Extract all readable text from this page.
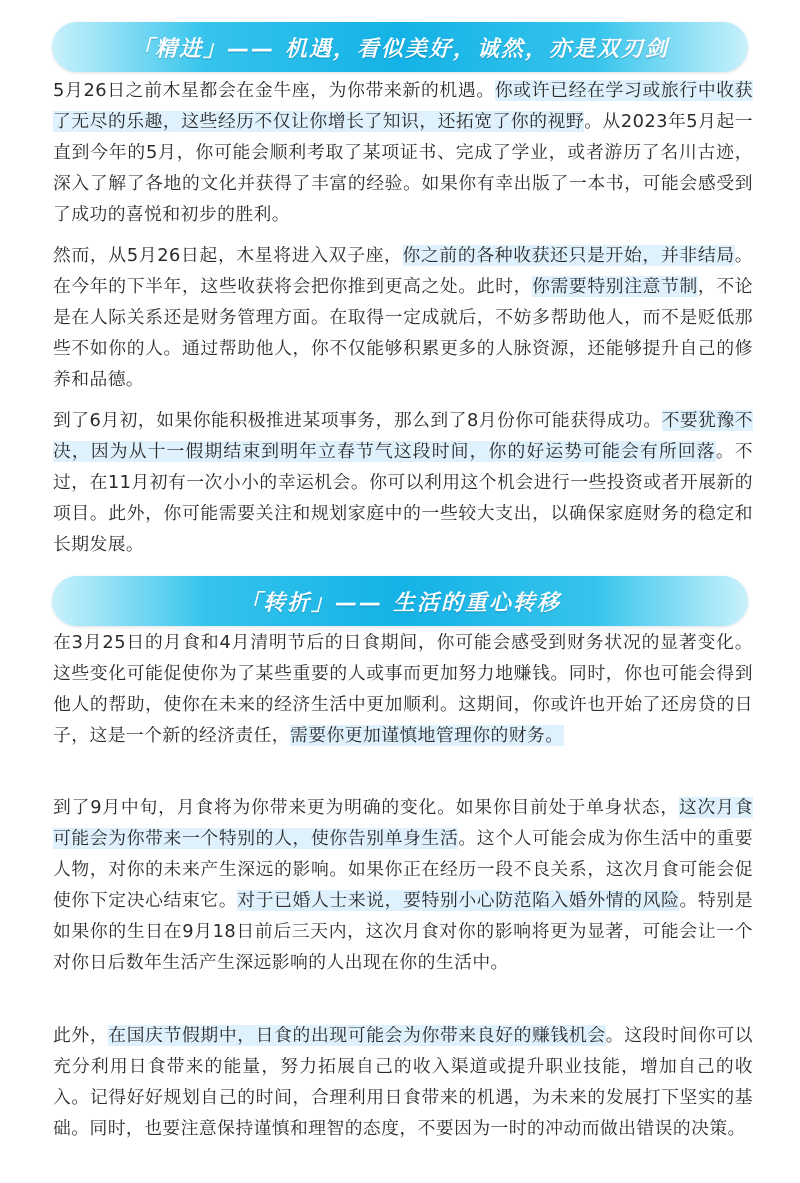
「精进」—— 机遇，看似美好，诚然，亦是双刃剑

5月26日之前木星都会在金牛座，为你带来新的机遇。你或许已经在学习或旅行中收获了无尽的乐趣，这些经历不仅让你增长了知识，还拓宽了你的视野。从2023年5月起一直到今年的5月，你可能会顺利考取了某项证书、完成了学业，或者游历了名川古迹，深入了解了各地的文化并获得了丰富的经验。如果你有幸出版了一本书，可能会感受到了成功的喜悦和初步的胜利。

然而，从5月26日起，木星将进入双子座，你之前的各种收获还只是开始，并非结局。在今年的下半年，这些收获将会把你推到更高之处。此时，你需要特别注意节制，不论是在人际关系还是财务管理方面。在取得一定成就后，不妨多帮助他人，而不是贬低那些不如你的人。通过帮助他人，你不仅能够积累更多的人脉资源，还能够提升自己的修养和品德。

到了6月初，如果你能积极推进某项事务，那么到了8月份你可能获得成功。不要犹豫不决，因为从十一假期结束到明年立春节气这段时间，你的好运势可能会有所回落。不过，在11月初有一次小小的幸运机会。你可以利用这个机会进行一些投资或者开展新的项目。此外，你可能需要关注和规划家庭中的一些较大支出，以确保家庭财务的稳定和长期发展。

「转折」—— 生活的重心转移

在3月25日的月食和4月清明节后的日食期间，你可能会感受到财务状况的显著变化。这些变化可能促使你为了某些重要的人或事而更加努力地赚钱。同时，你也可能会得到他人的帮助，使你在未来的经济生活中更加顺利。这期间，你或许也开始了还房贷的日子，这是一个新的经济责任，需要你更加谨慎地管理你的财务。

到了9月中旬，月食将为你带来更为明确的变化。如果你目前处于单身状态，这次月食可能会为你带来一个特别的人，使你告别单身生活。这个人可能会成为你生活中的重要人物，对你的未来产生深远的影响。如果你正在经历一段不良关系，这次月食可能会促使你下定决心结束它。对于已婚人士来说，要特别小心防范陷入婚外情的风险。特别是如果你的生日在9月18日前后三天内，这次月食对你的影响将更为显著，可能会让一个对你日后数年生活产生深远影响的人出现在你的生活中。

此外，在国庆节假期中，日食的出现可能会为你带来良好的赚钱机会。这段时间你可以充分利用日食带来的能量，努力拓展自己的收入渠道或提升职业技能，增加自己的收入。记得好好规划自己的时间，合理利用日食带来的机遇，为未来的发展打下坚实的基础。同时，也要注意保持谨慎和理智的态度，不要因为一时的冲动而做出错误的决策。
